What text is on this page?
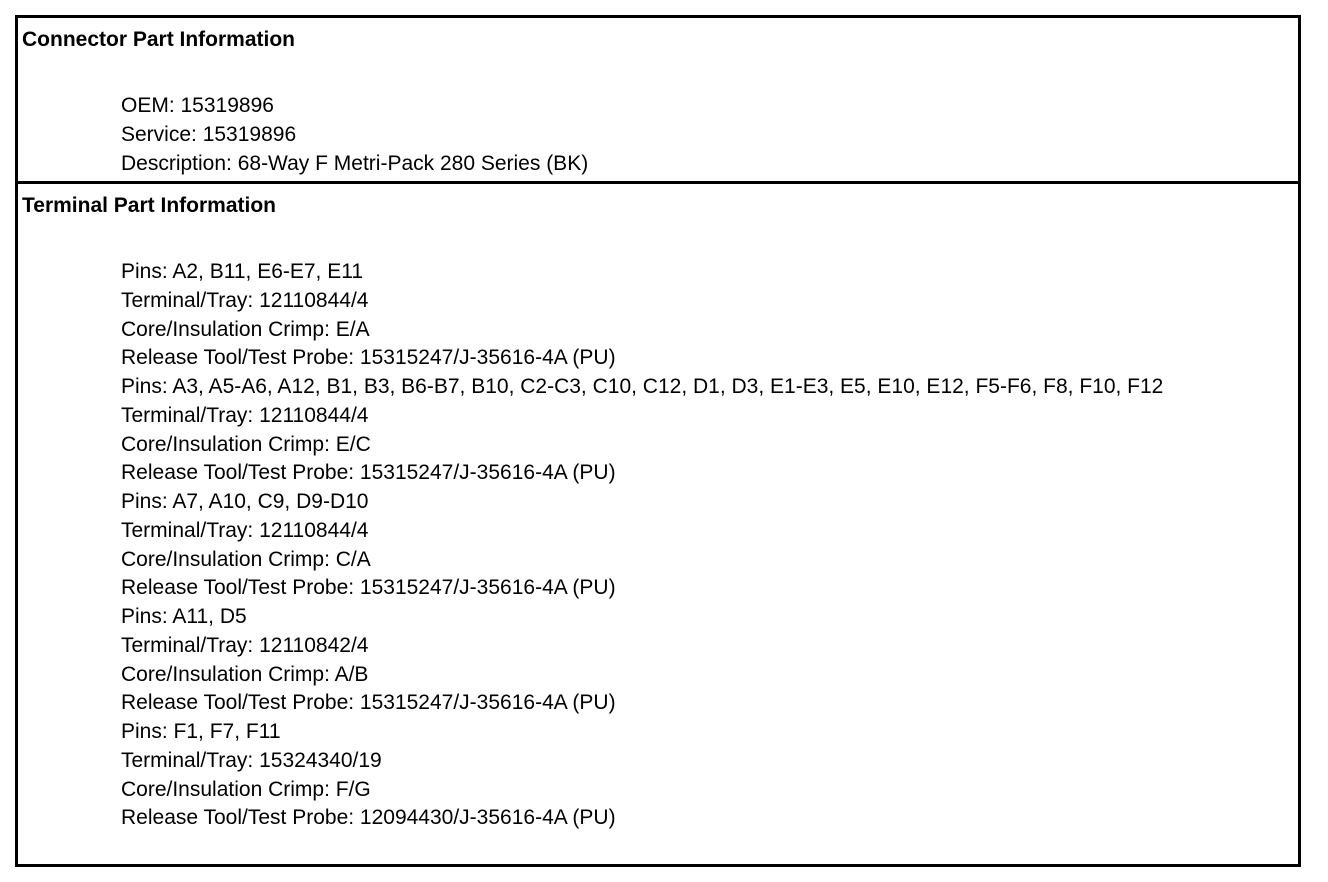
Connector Part Information
OEM: 15319896
Service: 15319896
Description: 68-Way F Metri-Pack 280 Series (BK)
Terminal Part Information
Pins: A2, B11, E6-E7, E11
Terminal/Tray: 12110844/4
Core/Insulation Crimp: E/A
Release Tool/Test Probe: 15315247/J-35616-4A (PU)
Pins: A3, A5-A6, A12, B1, B3, B6-B7, B10, C2-C3, C10, C12, D1, D3, E1-E3, E5, E10, E12, F5-F6, F8, F10, F12
Terminal/Tray: 12110844/4
Core/Insulation Crimp: E/C
Release Tool/Test Probe: 15315247/J-35616-4A (PU)
Pins: A7, A10, C9, D9-D10
Terminal/Tray: 12110844/4
Core/Insulation Crimp: C/A
Release Tool/Test Probe: 15315247/J-35616-4A (PU)
Pins: A11, D5
Terminal/Tray: 12110842/4
Core/Insulation Crimp: A/B
Release Tool/Test Probe: 15315247/J-35616-4A (PU)
Pins: F1, F7, F11
Terminal/Tray: 15324340/19
Core/Insulation Crimp: F/G
Release Tool/Test Probe: 12094430/J-35616-4A (PU)
